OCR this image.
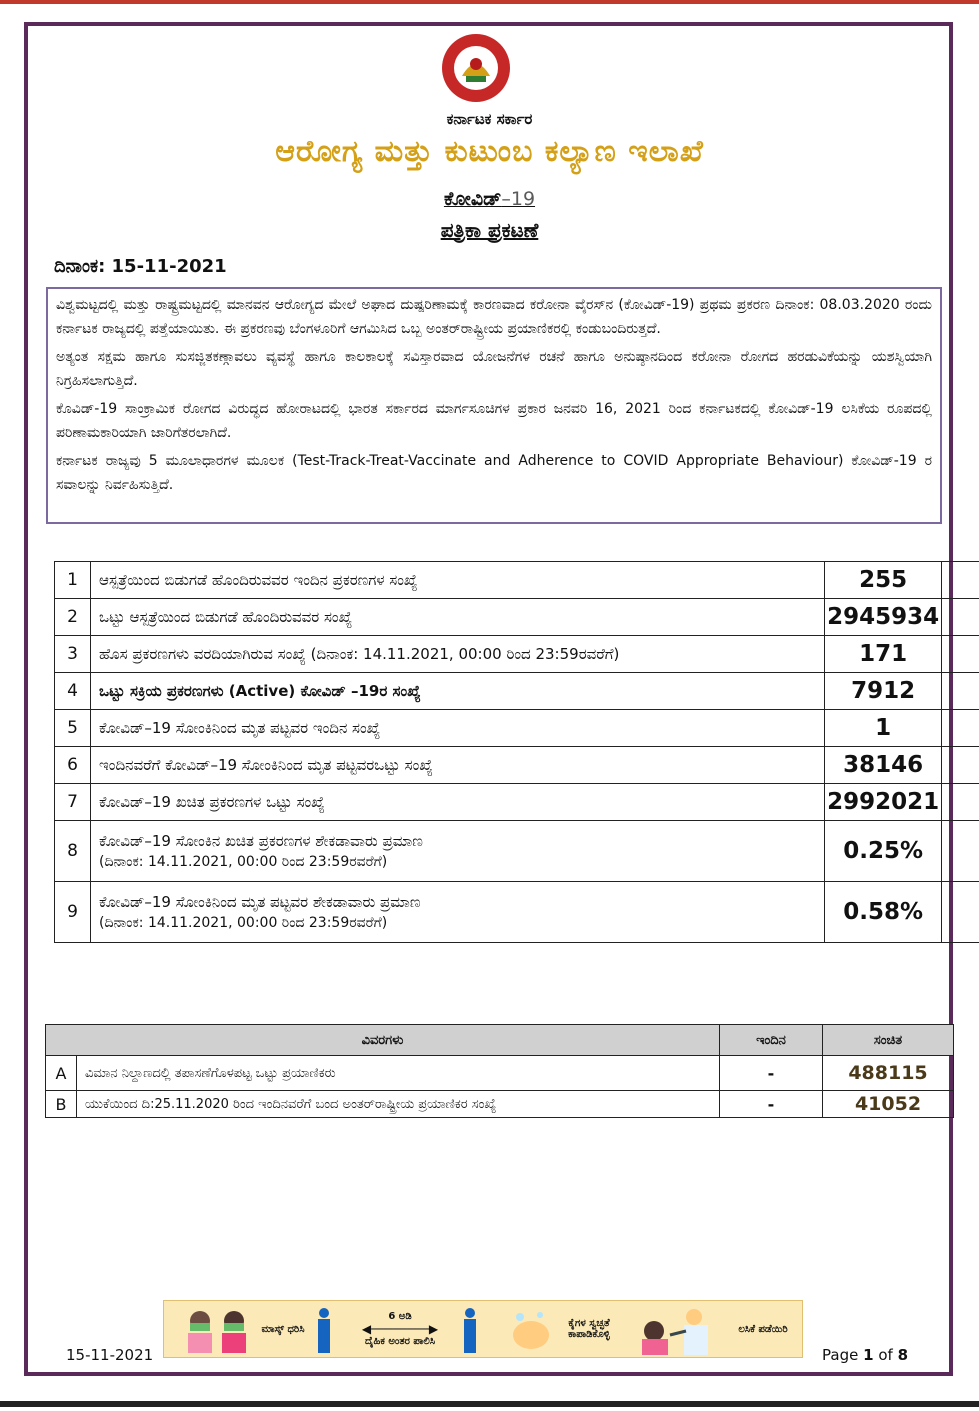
ಕರ್ನಾಟಕ ಸರ್ಕಾರ
ಆರೋಗ್ಯ ಮತ್ತು ಕುಟುಂಬ ಕಲ್ಯಾಣ ಇಲಾಖೆ
ಕೋವಿಡ್–19
ಪತ್ರಿಕಾ ಪ್ರಕಟಣೆ
ದಿನಾಂಕ: 15-11-2021

ವಿಶ್ವಮಟ್ಟದಲ್ಲಿ ಮತ್ತು ರಾಷ್ಟ್ರಮಟ್ಟದಲ್ಲಿ ಮಾನವನ ಆರೋಗ್ಯದ ಮೇಲೆ ಅಘಾದ ದುಷ್ಪರಿಣಾಮಕ್ಕೆ ಕಾರಣವಾದ ಕರೋನಾ ವೈರಸ್‌ನ (ಕೋವಿಡ್-19) ಪ್ರಥಮ ಪ್ರಕರಣ ದಿನಾಂಕ: 08.03.2020 ರಂದು ಕರ್ನಾಟಕ ರಾಜ್ಯದಲ್ಲಿ ಪತ್ತೆಯಾಯಿತು. ಈ ಪ್ರಕರಣವು ಬೆಂಗಳೂರಿಗೆ ಆಗಮಿಸಿದ ಒಬ್ಬ ಅಂತರ್‌ರಾಷ್ಟ್ರೀಯ ಪ್ರಯಾಣಿಕರಲ್ಲಿ ಕಂಡುಬಂದಿರುತ್ತದೆ.

ಅತ್ಯಂತ ಸಕ್ಷಮ ಹಾಗೂ ಸುಸಜ್ಜಿತಕಣ್ಗಾವಲು ವ್ಯವಸ್ಥೆ ಹಾಗೂ ಕಾಲಕಾಲಕ್ಕೆ ಸವಿಸ್ತಾರವಾದ ಯೋಜನೆಗಳ ರಚನೆ ಹಾಗೂ ಅನುಷ್ಠಾನದಿಂದ ಕರೋನಾ ರೋಗದ ಹರಡುವಿಕೆಯನ್ನು ಯಶಸ್ವಿಯಾಗಿ ನಿಗ್ರಹಿಸಲಾಗುತ್ತಿದೆ.

ಕೊವಿಡ್-19 ಸಾಂಕ್ರಾಮಿಕ ರೋಗದ ವಿರುದ್ಧದ ಹೋರಾಟದಲ್ಲಿ ಭಾರತ ಸರ್ಕಾರದ ಮಾರ್ಗಸೂಚಿಗಳ ಪ್ರಕಾರ ಜನವರಿ 16, 2021 ರಿಂದ ಕರ್ನಾಟಕದಲ್ಲಿ ಕೋವಿಡ್-19 ಲಸಿಕೆಯ ರೂಪದಲ್ಲಿ ಪರಿಣಾಮಕಾರಿಯಾಗಿ ಜಾರಿಗೆತರಲಾಗಿದೆ.

ಕರ್ನಾಟಕ ರಾಜ್ಯವು 5 ಮೂಲಾಧಾರಗಳ ಮೂಲಕ (Test-Track-Treat-Vaccinate and Adherence to COVID Appropriate Behaviour) ಕೋವಿಡ್-19 ರ ಸವಾಲನ್ನು ನಿರ್ವಹಿಸುತ್ತಿದೆ.

1	ಆಸ್ಪತ್ರೆಯಿಂದ ಬಿಡುಗಡೆ ಹೊಂದಿರುವವರ ಇಂದಿನ ಪ್ರಕರಣಗಳ ಸಂಖ್ಯೆ	255	
2	ಒಟ್ಟು ಆಸ್ಪತ್ರೆಯಿಂದ ಬಿಡುಗಡೆ ಹೊಂದಿರುವವರ ಸಂಖ್ಯೆ	2945934	
3	ಹೊಸ ಪ್ರಕರಣಗಳು ವರದಿಯಾಗಿರುವ ಸಂಖ್ಯೆ (ದಿನಾಂಕ: 14.11.2021, 00:00 ರಿಂದ 23:59ರವರೆಗೆ)	171	
4	ಒಟ್ಟು ಸಕ್ರಿಯ ಪ್ರಕರಣಗಳು (Active) ಕೋವಿಡ್ –19ರ ಸಂಖ್ಯೆ	7912	
5	ಕೋವಿಡ್–19 ಸೋಂಕಿನಿಂದ ಮೃತ ಪಟ್ಟವರ ಇಂದಿನ ಸಂಖ್ಯೆ	1	
6	ಇಂದಿನವರೆಗೆ ಕೋವಿಡ್–19 ಸೋಂಕಿನಿಂದ ಮೃತ ಪಟ್ಟವರಒಟ್ಟು ಸಂಖ್ಯೆ	38146	
7	ಕೋವಿಡ್–19 ಖಚಿತ ಪ್ರಕರಣಗಳ ಒಟ್ಟು ಸಂಖ್ಯೆ	2992021	
8	ಕೋವಿಡ್–19 ಸೋಂಕಿನ ಖಚಿತ ಪ್ರಕರಣಗಳ ಶೇಕಡಾವಾರು ಪ್ರಮಾಣ
(ದಿನಾಂಕ: 14.11.2021, 00:00 ರಿಂದ 23:59ರವರೆಗೆ)	0.25%	
9	ಕೋವಿಡ್–19 ಸೋಂಕಿನಿಂದ ಮೃತ ಪಟ್ಟವರ ಶೇಕಡಾವಾರು ಪ್ರಮಾಣ
(ದಿನಾಂಕ: 14.11.2021, 00:00 ರಿಂದ 23:59ರವರೆಗೆ)	0.58%	
ವಿವರಗಳು		ಇಂದಿನ	ಸಂಚಿತ
A	ವಿಮಾನ ನಿಲ್ದಾಣದಲ್ಲಿ ತಪಾಸಣೆಗೊಳಪಟ್ಟ ಒಟ್ಟು ಪ್ರಯಾಣಿಕರು	-	488115
B	ಯುಕೆಯಿಂದ ದಿ:25.11.2020 ರಿಂದ ಇಂದಿನವರೆಗೆ ಬಂದ ಅಂತರ್‌ರಾಷ್ಟ್ರೀಯ ಪ್ರಯಾಣಿಕರ ಸಂಖ್ಯೆ	-	41052
ಮಾಸ್ಕ್ ಧರಿಸಿ
6 ಅಡಿ
◀────────▶
ದೈಹಿಕ ಅಂತರ ಪಾಲಿಸಿ
ಕೈಗಳ ಸ್ವಚ್ಛತೆ ಕಾಪಾಡಿಕೊಳ್ಳಿ	ಲಸಿಕೆ ಪಡೆಯಿರಿ
15-11-2021	Page 1 of 8
